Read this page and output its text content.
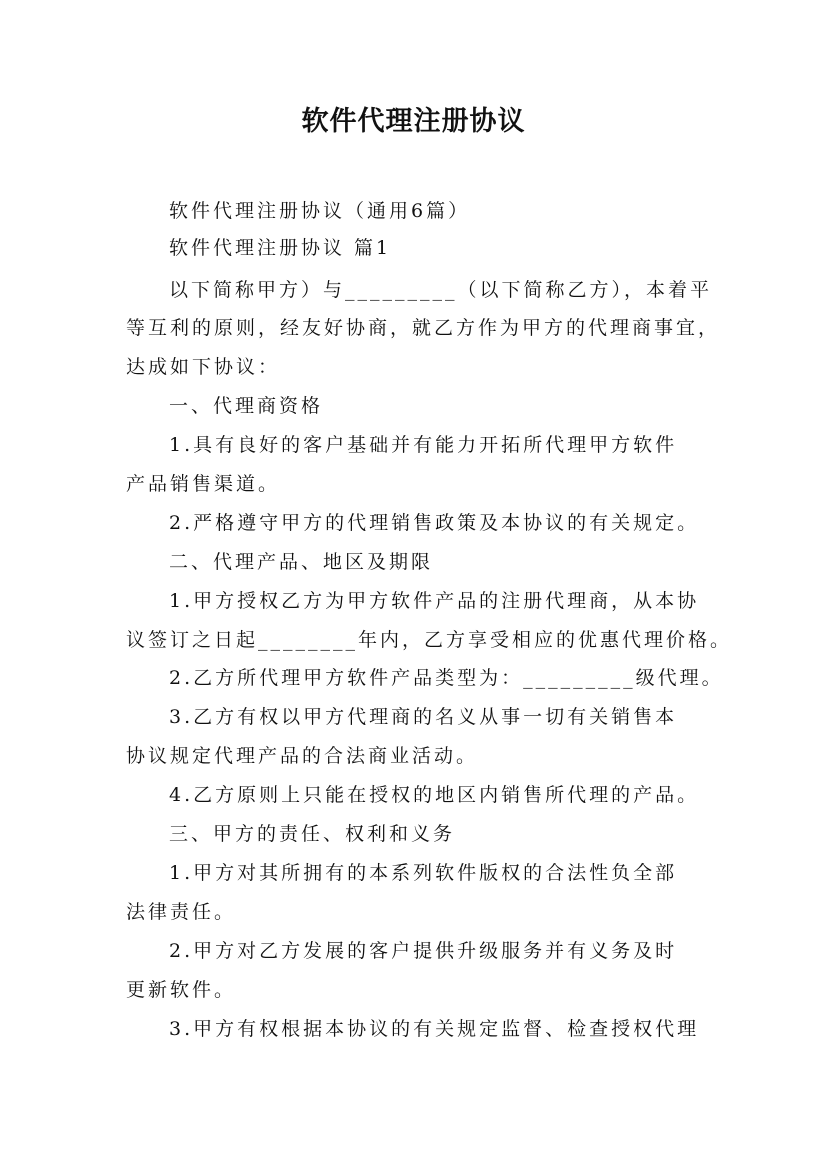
软件代理注册协议
软件代理注册协议（通用6篇）
软件代理注册协议 篇1
以下简称甲方）与_________（以下简称乙方），本着平
等互利的原则，经友好协商，就乙方作为甲方的代理商事宜，
达成如下协议：
一、代理商资格
1.具有良好的客户基础并有能力开拓所代理甲方软件
产品销售渠道。
2.严格遵守甲方的代理销售政策及本协议的有关规定。
二、代理产品、地区及期限
1.甲方授权乙方为甲方软件产品的注册代理商，从本协
议签订之日起________年内，乙方享受相应的优惠代理价格。
2.乙方所代理甲方软件产品类型为：_________级代理。
3.乙方有权以甲方代理商的名义从事一切有关销售本
协议规定代理产品的合法商业活动。
4.乙方原则上只能在授权的地区内销售所代理的产品。
三、甲方的责任、权利和义务
1.甲方对其所拥有的本系列软件版权的合法性负全部
法律责任。
2.甲方对乙方发展的客户提供升级服务并有义务及时
更新软件。
3.甲方有权根据本协议的有关规定监督、检查授权代理
